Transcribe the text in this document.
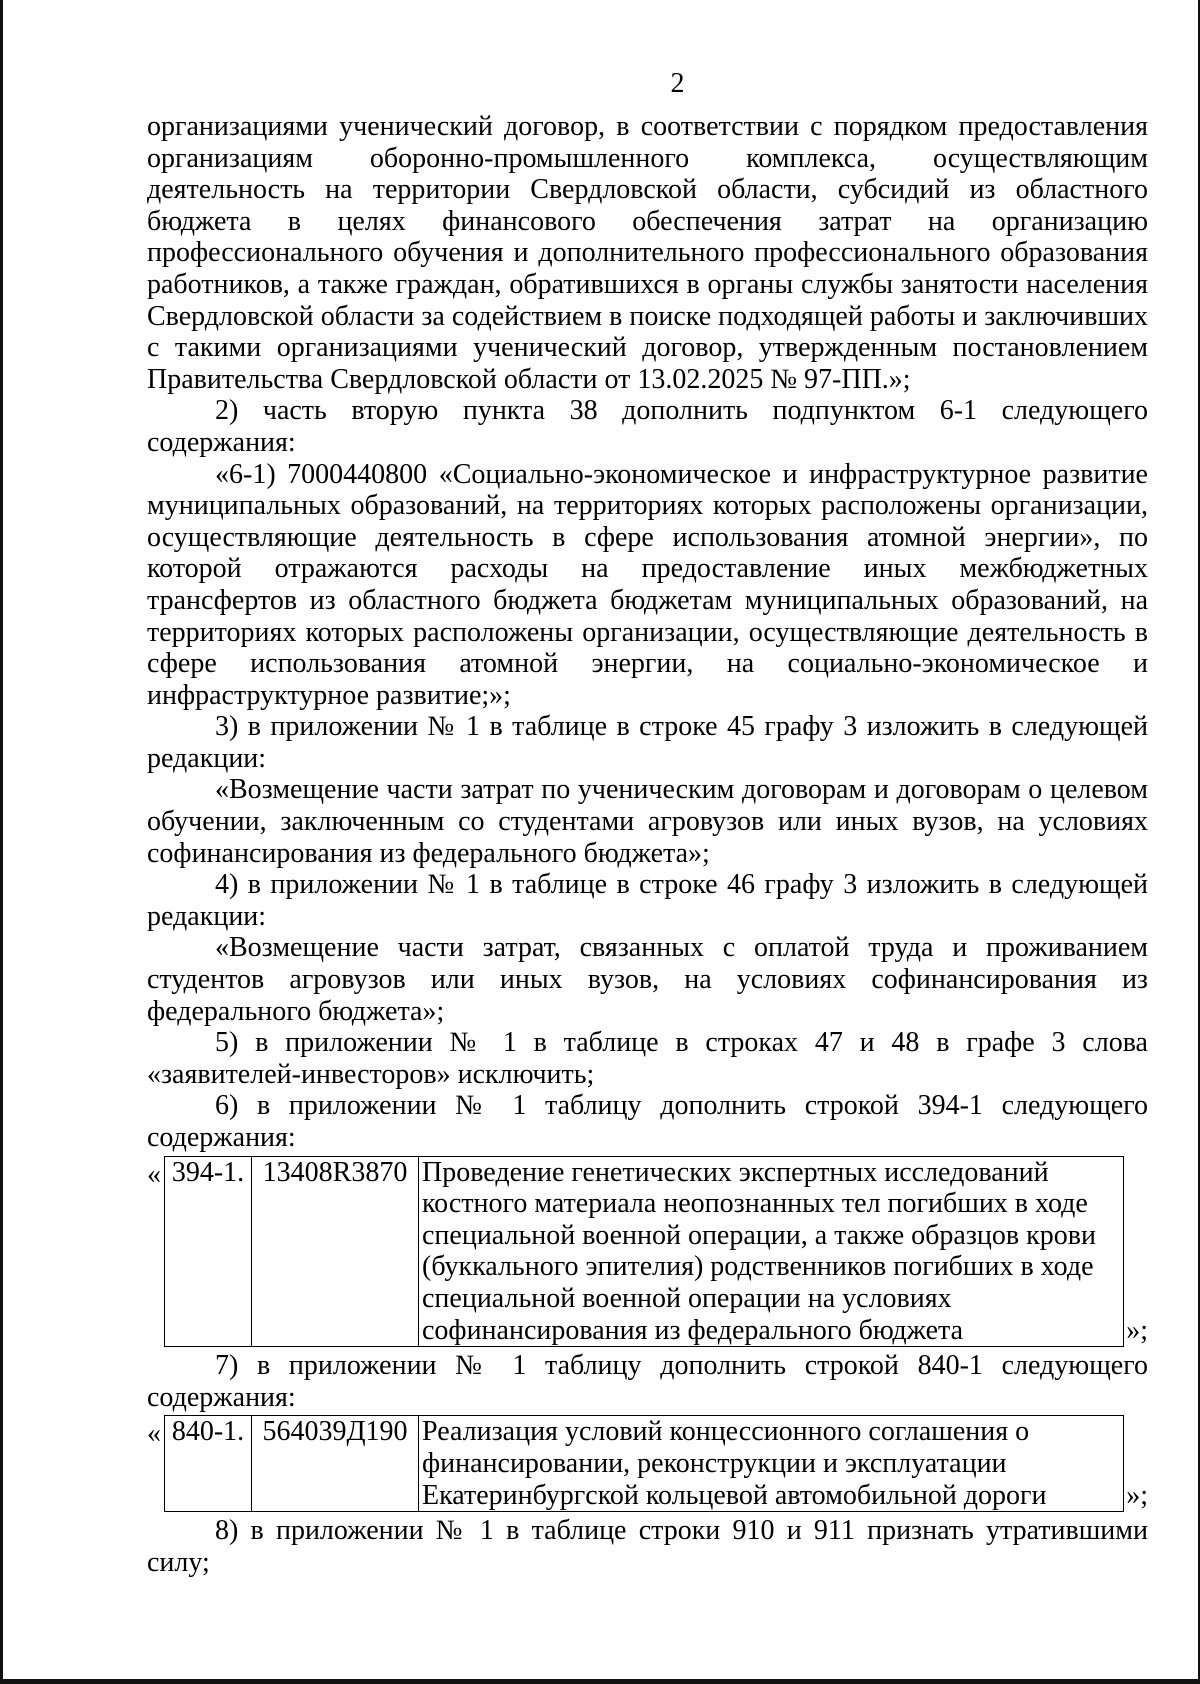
2

организациями ученический договор, в соответствии с порядком предоставления организациям оборонно-промышленного комплекса, осуществляющим деятельность на территории Свердловской области, субсидий из областного бюджета в целях финансового обеспечения затрат на организацию профессионального обучения и дополнительного профессионального образования работников, а также граждан, обратившихся в органы службы занятости населения Свердловской области за содействием в поиске подходящей работы и заключивших с такими организациями ученический договор, утвержденным постановлением Правительства Свердловской области от 13.02.2025 № 97-ПП.»;

2) часть вторую пункта 38 дополнить подпунктом 6-1 следующего содержания:

«6-1) 7000440800 «Социально-экономическое и инфраструктурное развитие муниципальных образований, на территориях которых расположены организации, осуществляющие деятельность в сфере использования атомной энергии», по которой отражаются расходы на предоставление иных межбюджетных трансфертов из областного бюджета бюджетам муниципальных образований, на территориях которых расположены организации, осуществляющие деятельность в сфере использования атомной энергии, на социально-экономическое и инфраструктурное развитие;»;

3) в приложении № 1 в таблице в строке 45 графу 3 изложить в следующей редакции:

«Возмещение части затрат по ученическим договорам и договорам о целевом обучении, заключенным со студентами агровузов или иных вузов, на условиях софинансирования из федерального бюджета»;

4) в приложении № 1 в таблице в строке 46 графу 3 изложить в следующей редакции:

«Возмещение части затрат, связанных с оплатой труда и проживанием студентов агровузов или иных вузов, на условиях софинансирования из федерального бюджета»;

5) в приложении № 1 в таблице в строках 47 и 48 в графе 3 слова «заявителей-инвесторов» исключить;

6) в приложении № 1 таблицу дополнить строкой 394-1 следующего содержания:

« 394-1.	13408R3870	Проведение генетических экспертных исследований костного материала неопознанных тел погибших в ходе специальной военной операции, а также образцов крови (буккального эпителия) родственников погибших в ходе специальной военной операции на условиях софинансирования из федерального бюджета	»;

7) в приложении № 1 таблицу дополнить строкой 840-1 следующего содержания:

« 840-1.	564039Д190	Реализация условий концессионного соглашения о финансировании, реконструкции и эксплуатации Екатеринбургской кольцевой автомобильной дороги	»;

8) в приложении № 1 в таблице строки 910 и 911 признать утратившими силу;
